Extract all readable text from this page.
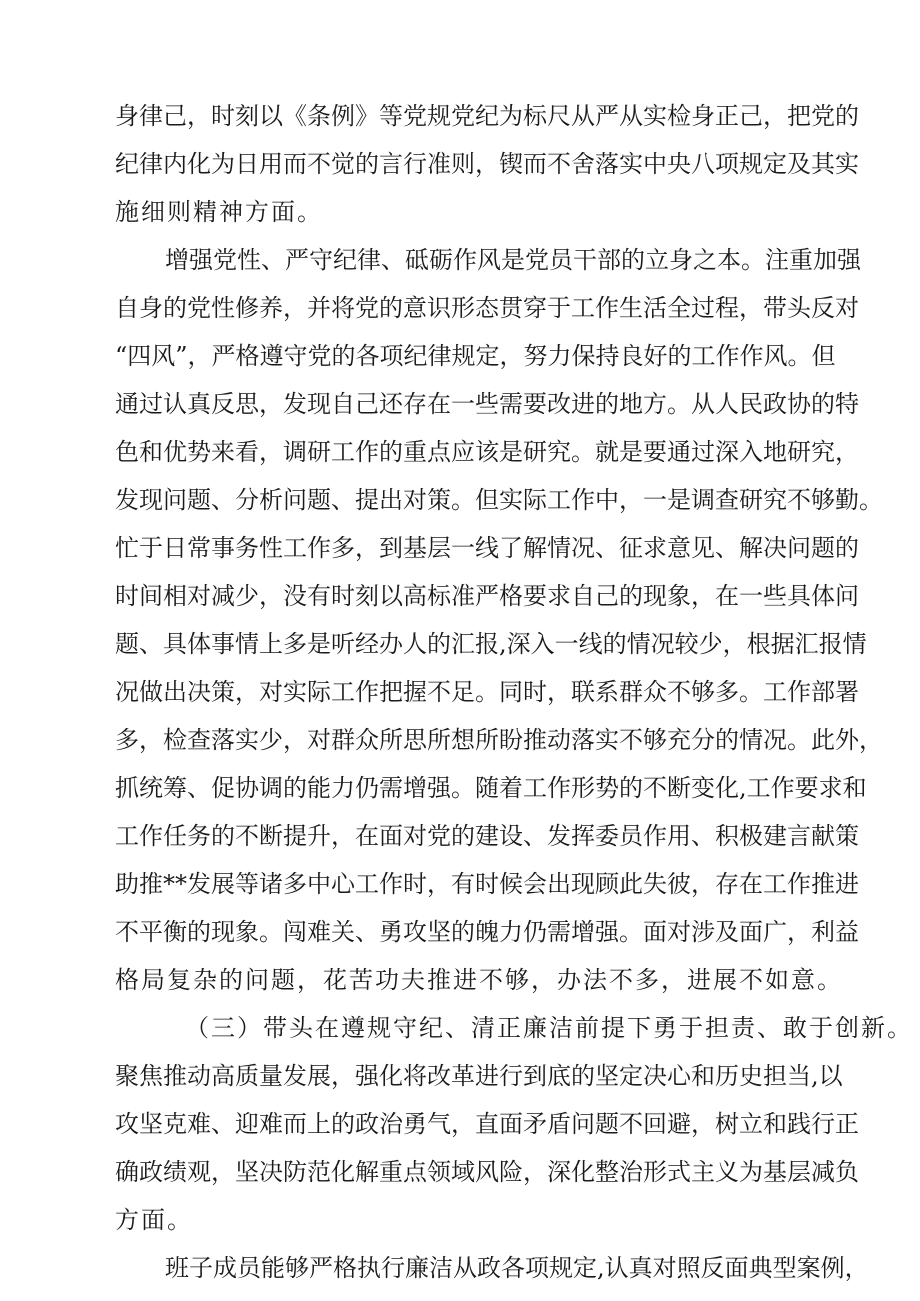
身律己，时刻以《条例》等党规党纪为标尺从严从实检身正己，把党的
纪律内化为日用而不觉的言行准则，锲而不舍落实中央八项规定及其实
施细则精神方面。
增强党性、严守纪律、砥砺作风是党员干部的立身之本。注重加强
自身的党性修养，并将党的意识形态贯穿于工作生活全过程，带头反对
“四风”，严格遵守党的各项纪律规定，努力保持良好的工作作风。但
通过认真反思，发现自己还存在一些需要改进的地方。从人民政协的特
色和优势来看，调研工作的重点应该是研究。就是要通过深入地研究，
发现问题、分析问题、提出对策。但实际工作中，一是调查研究不够勤。
忙于日常事务性工作多，到基层一线了解情况、征求意见、解决问题的
时间相对减少，没有时刻以高标准严格要求自己的现象，在一些具体问
题、具体事情上多是听经办人的汇报,深入一线的情况较少，根据汇报情
况做出决策，对实际工作把握不足。同时，联系群众不够多。工作部署
多，检查落实少，对群众所思所想所盼推动落实不够充分的情况。此外，
抓统筹、促协调的能力仍需增强。随着工作形势的不断变化,工作要求和
工作任务的不断提升，在面对党的建设、发挥委员作用、积极建言献策
助推**发展等诸多中心工作时，有时候会出现顾此失彼，存在工作推进
不平衡的现象。闯难关、勇攻坚的魄力仍需增强。面对涉及面广，利益
格局复杂的问题，花苦功夫推进不够，办法不多，进展不如意。
（三）带头在遵规守纪、清正廉洁前提下勇于担责、敢于创新。
聚焦推动高质量发展，强化将改革进行到底的坚定决心和历史担当,以
攻坚克难、迎难而上的政治勇气，直面矛盾问题不回避，树立和践行正
确政绩观，坚决防范化解重点领域风险，深化整治形式主义为基层减负
方面。
班子成员能够严格执行廉洁从政各项规定,认真对照反面典型案例，
